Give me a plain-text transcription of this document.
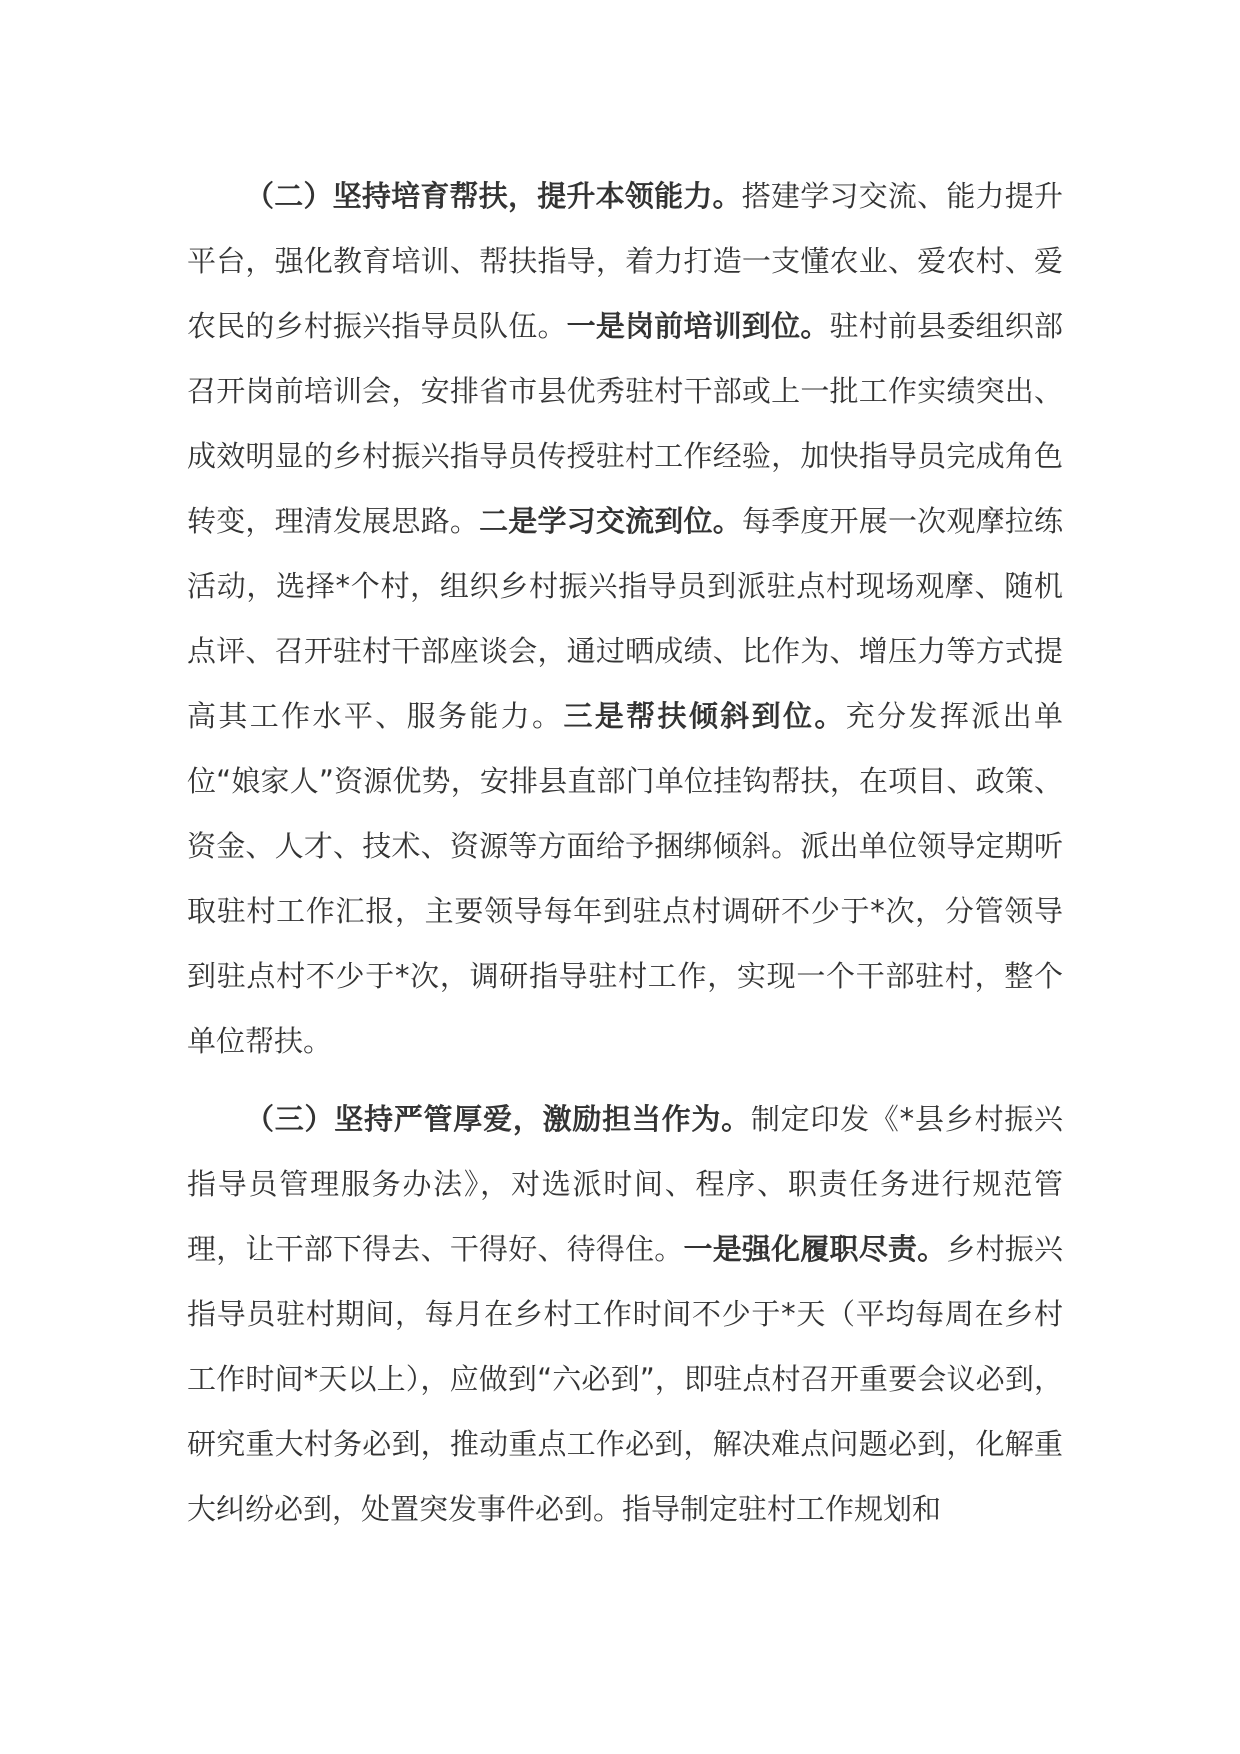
（二）坚持培育帮扶，提升本领能力。搭建学习交流、能力提升平台，强化教育培训、帮扶指导，着力打造一支懂农业、爱农村、爱农民的乡村振兴指导员队伍。一是岗前培训到位。驻村前县委组织部召开岗前培训会，安排省市县优秀驻村干部或上一批工作实绩突出、成效明显的乡村振兴指导员传授驻村工作经验，加快指导员完成角色转变，理清发展思路。二是学习交流到位。每季度开展一次观摩拉练活动，选择*个村，组织乡村振兴指导员到派驻点村现场观摩、随机点评、召开驻村干部座谈会，通过晒成绩、比作为、增压力等方式提高其工作水平、服务能力。三是帮扶倾斜到位。充分发挥派出单位“娘家人”资源优势，安排县直部门单位挂钩帮扶，在项目、政策、资金、人才、技术、资源等方面给予捆绑倾斜。派出单位领导定期听取驻村工作汇报，主要领导每年到驻点村调研不少于*次，分管领导到驻点村不少于*次，调研指导驻村工作，实现一个干部驻村，整个单位帮扶。

（三）坚持严管厚爱，激励担当作为。制定印发《*县乡村振兴指导员管理服务办法》，对选派时间、程序、职责任务进行规范管理，让干部下得去、干得好、待得住。一是强化履职尽责。乡村振兴指导员驻村期间，每月在乡村工作时间不少于*天（平均每周在乡村工作时间*天以上），应做到“六必到”，即驻点村召开重要会议必到，研究重大村务必到，推动重点工作必到，解决难点问题必到，化解重大纠纷必到，处置突发事件必到。指导制定驻村工作规划和
